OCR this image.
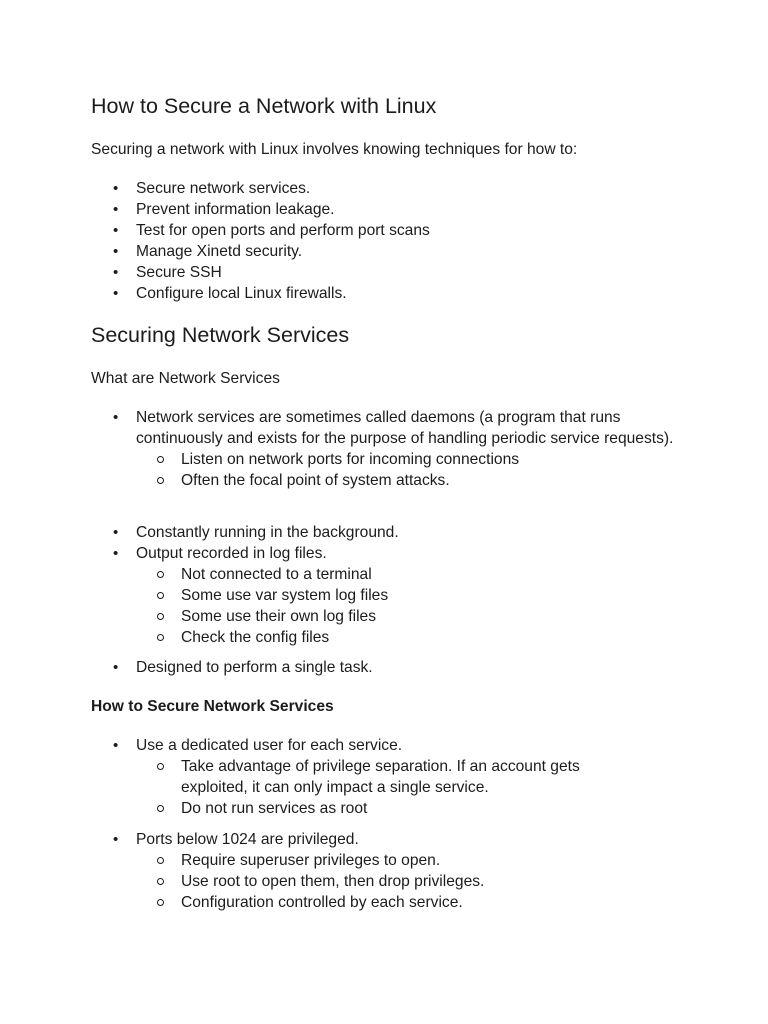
How to Secure a Network with Linux

Securing a network with Linux involves knowing techniques for how to:

• Secure network services.
• Prevent information leakage.
• Test for open ports and perform port scans
• Manage Xinetd security.
• Secure SSH
• Configure local Linux firewalls.
Securing Network Services

What are Network Services

• Network services are sometimes called daemons (a program that runs continuously and exists for the purpose of handling periodic service requests).
Listen on network ports for incoming connections
Often the focal point of system attacks.
• Constantly running in the background.
• Output recorded in log files.
Not connected to a terminal
Some use var system log files
Some use their own log files
Check the config files
• Designed to perform a single task.
How to Secure Network Services
• Use a dedicated user for each service.
Take advantage of privilege separation. If an account gets exploited, it can only impact a single service.
Do not run services as root
• Ports below 1024 are privileged.
Require superuser privileges to open.
Use root to open them, then drop privileges.
Configuration controlled by each service.
